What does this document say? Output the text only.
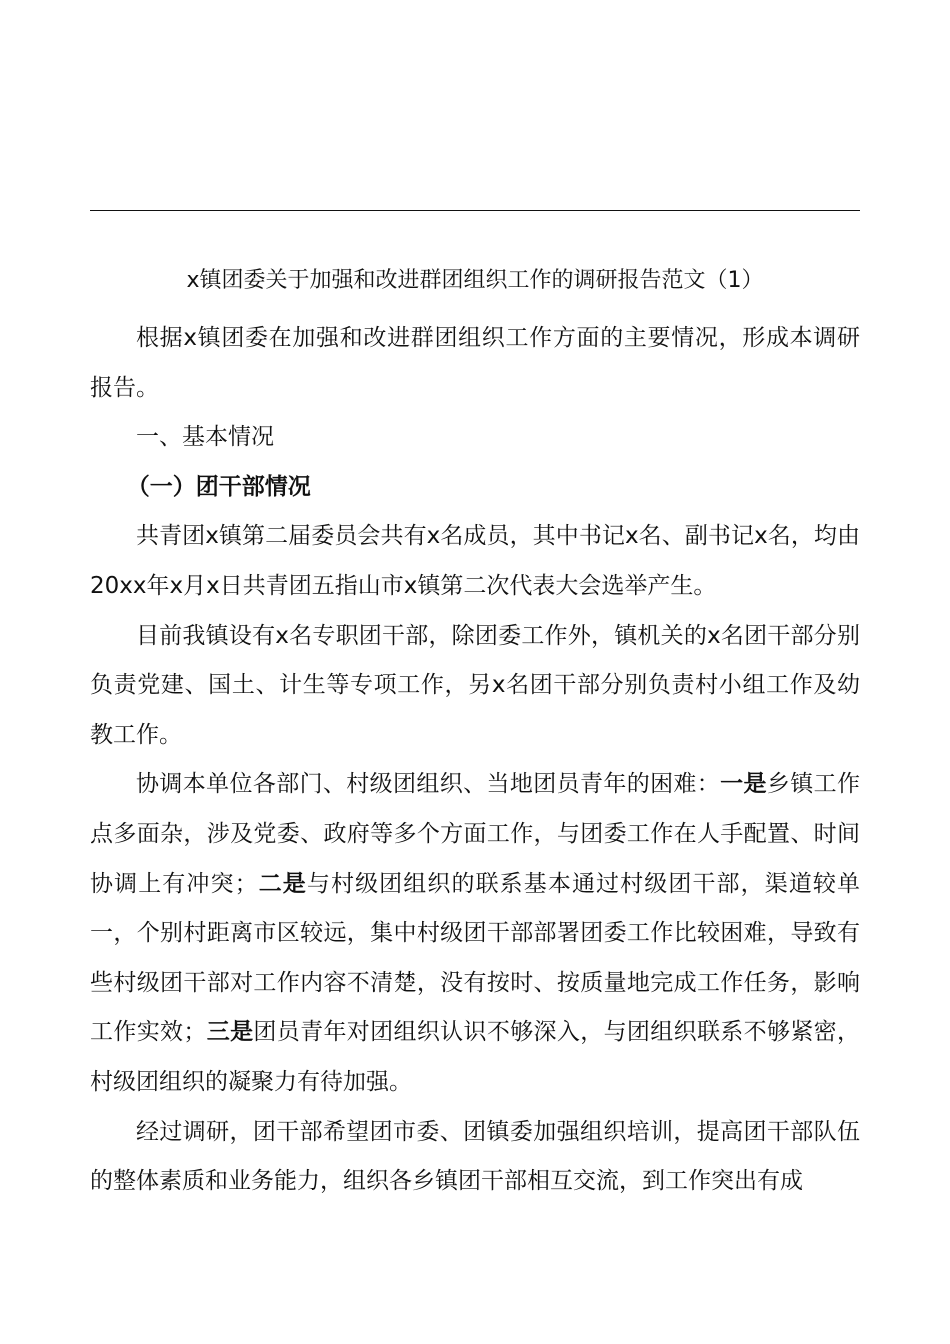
x镇团委关于加强和改进群团组织工作的调研报告范文（1）

根据x镇团委在加强和改进群团组织工作方面的主要情况，形成本调研报告。

一、基本情况

（一）团干部情况

共青团x镇第二届委员会共有x名成员，其中书记x名、副书记x名，均由20xx年x月x日共青团五指山市x镇第二次代表大会选举产生。

目前我镇设有x名专职团干部，除团委工作外，镇机关的x名团干部分别负责党建、国土、计生等专项工作，另x名团干部分别负责村小组工作及幼教工作。

协调本单位各部门、村级团组织、当地团员青年的困难：一是乡镇工作点多面杂，涉及党委、政府等多个方面工作，与团委工作在人手配置、时间协调上有冲突；二是与村级团组织的联系基本通过村级团干部，渠道较单一，个别村距离市区较远，集中村级团干部部署团委工作比较困难，导致有些村级团干部对工作内容不清楚，没有按时、按质量地完成工作任务，影响工作实效；三是团员青年对团组织认识不够深入，与团组织联系不够紧密，村级团组织的凝聚力有待加强。

经过调研，团干部希望团市委、团镇委加强组织培训，提高团干部队伍的整体素质和业务能力，组织各乡镇团干部相互交流，到工作突出有成
